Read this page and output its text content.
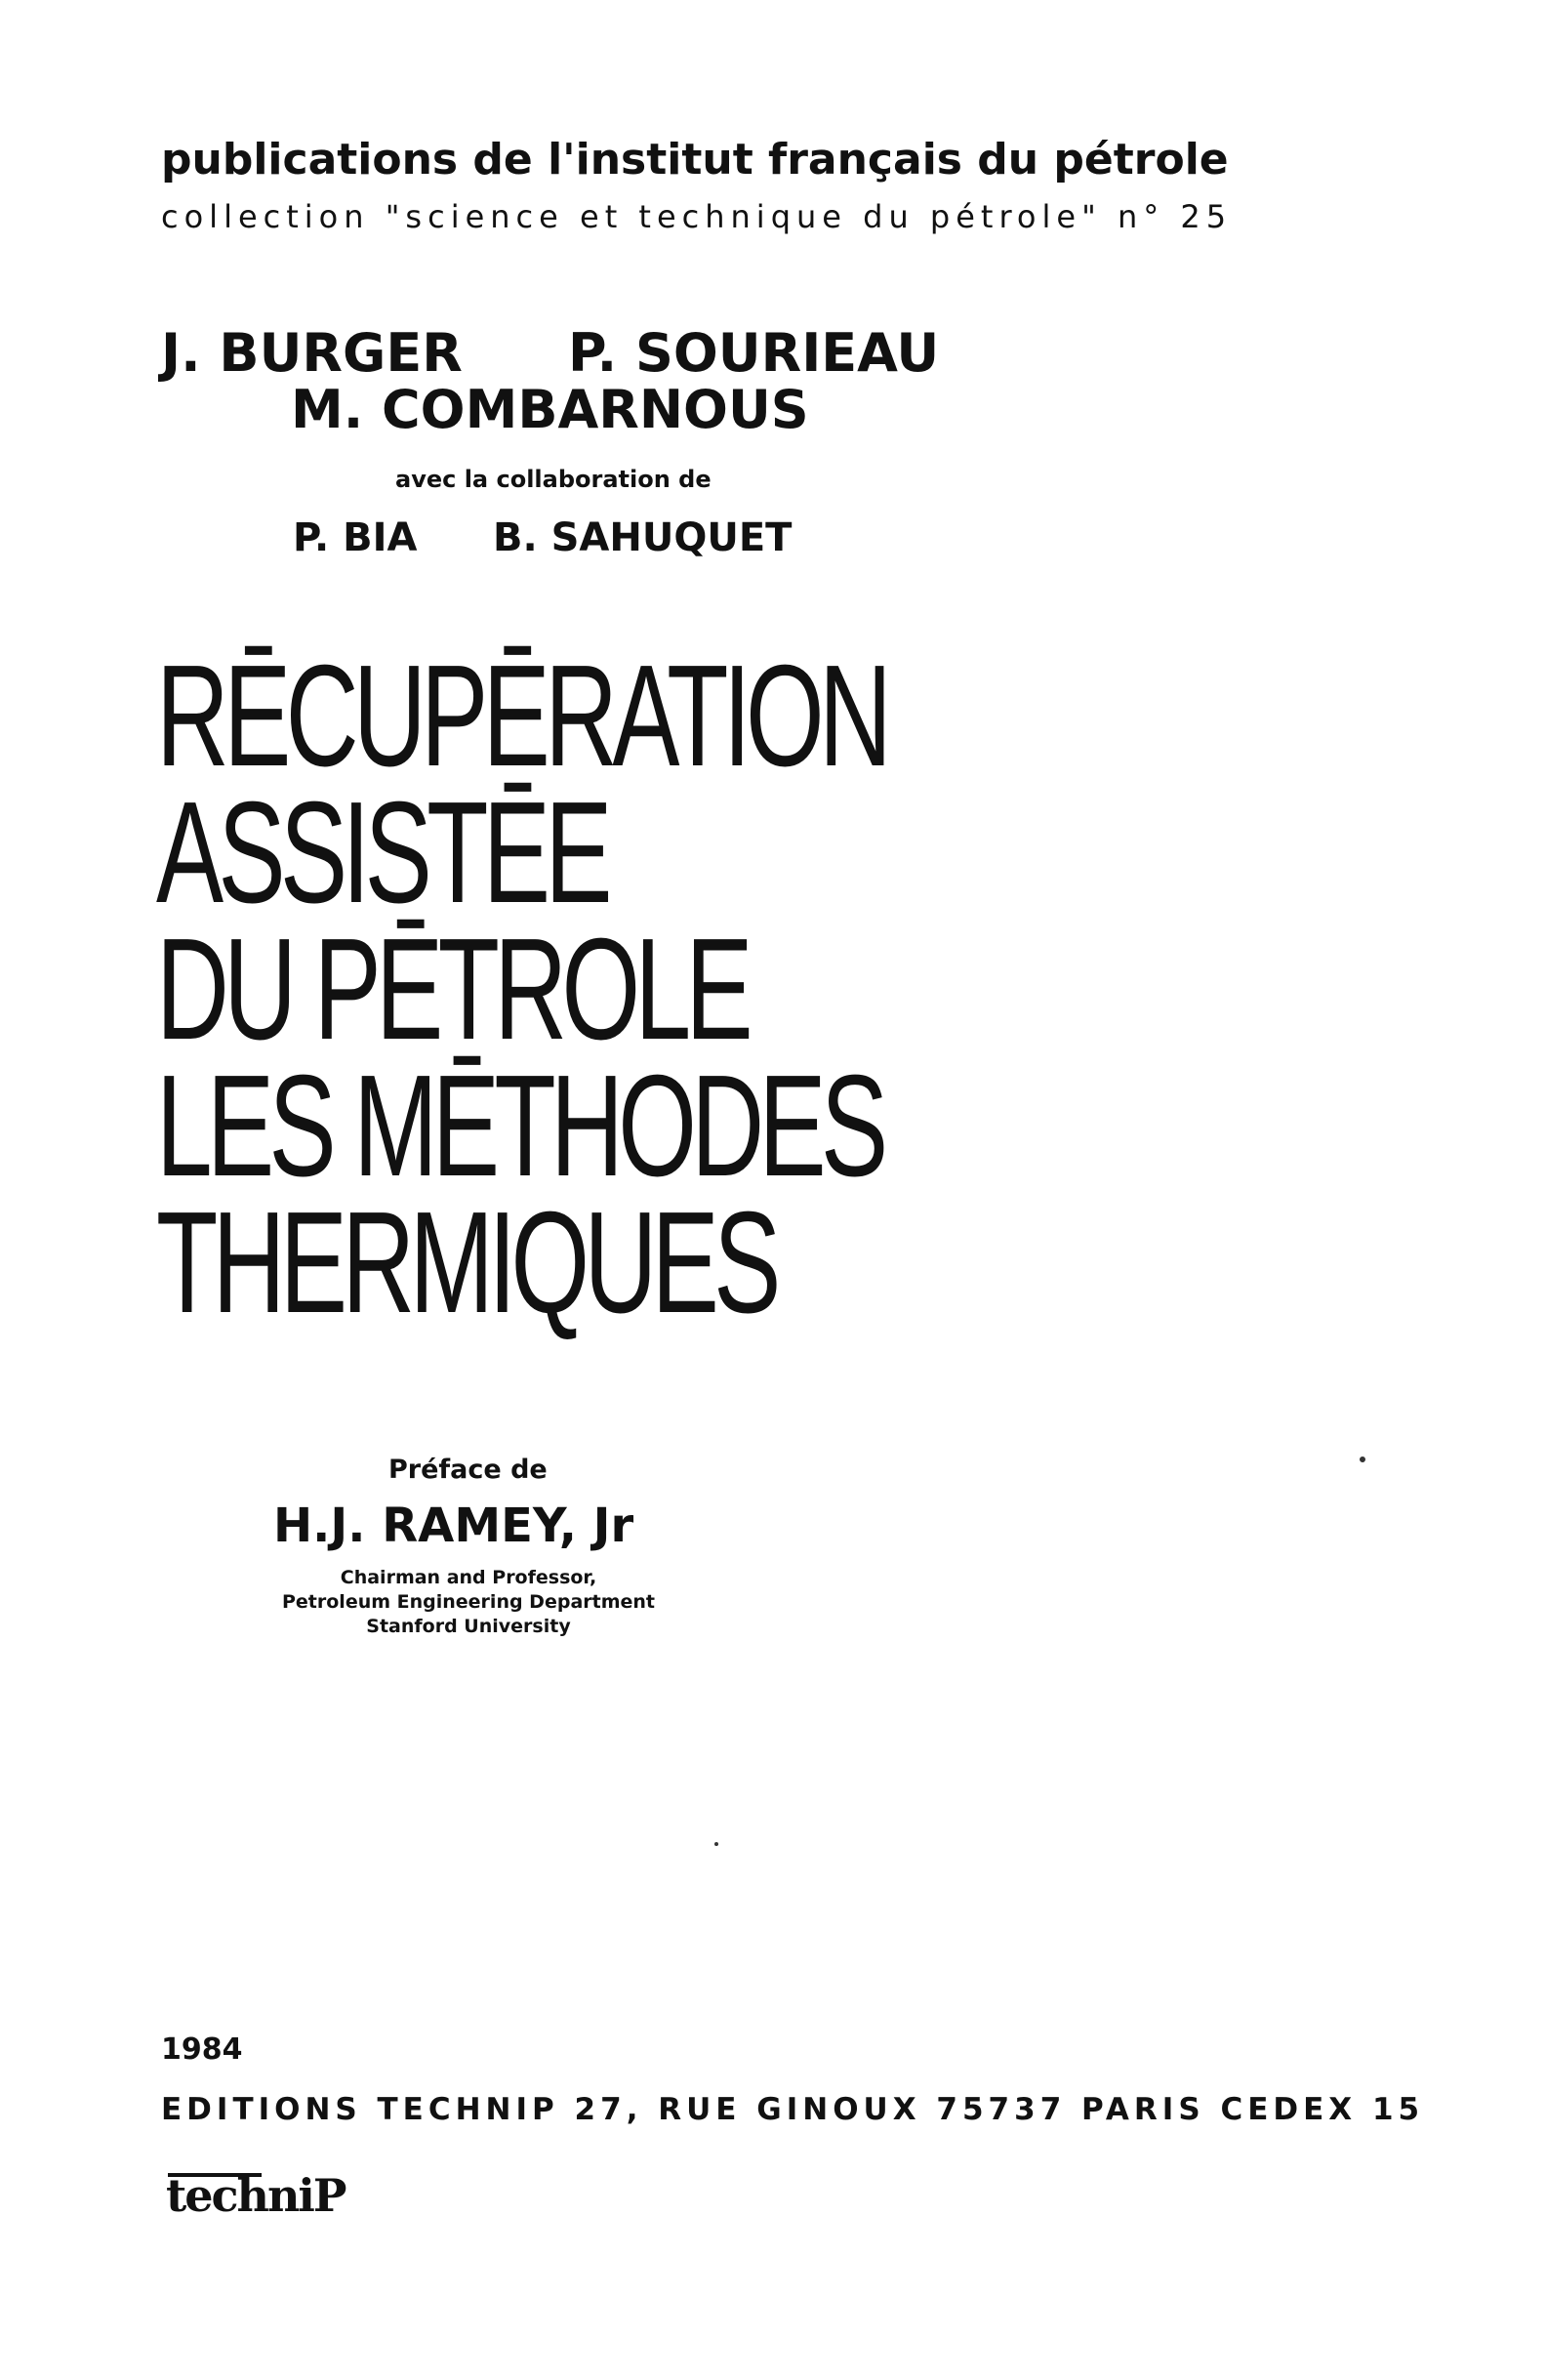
publications de l'institut français du pétrole
collection "science et technique du pétrole" n° 25
J. BURGER P. SOURIEAU
M. COMBARNOUS
avec la collaboration de
P. BIA B. SAHUQUET
RĒCUPĒRATION
ASSISTĒE
DU PĒTROLE
LES MĒTHODES
THERMIQUES
Préface de
H.J. RAMEY, Jr
Chairman and Professor,
Petroleum Engineering Department
Stanford University
1984
EDITIONS TECHNIP 27, RUE GINOUX 75737 PARIS CEDEX 15
techniP
